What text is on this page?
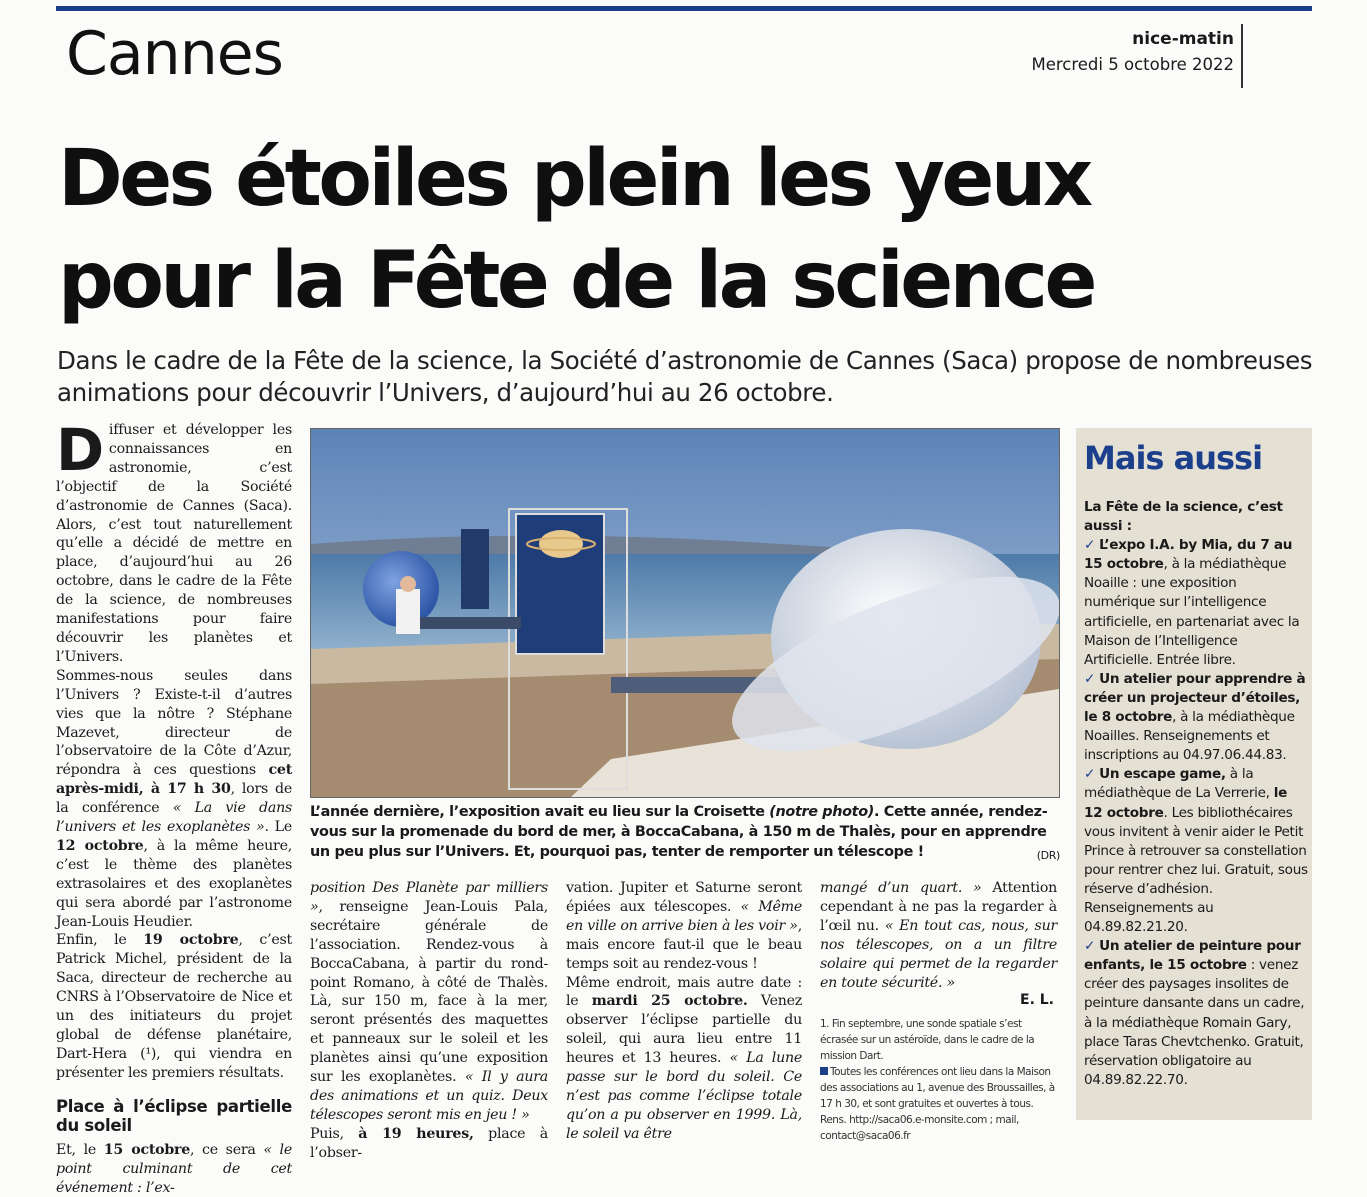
Cannes	nice-matin
Mercredi 5 octobre 2022
Des étoiles plein les yeux
pour la Fête de la science

Dans le cadre de la Fête de la science, la Société d’astronomie de Cannes (Saca) propose de nombreuses animations pour découvrir l’Univers, d’aujourd’hui au 26 octobre.

Diffuser et développer les connaissances en astronomie, c’est l’objectif de la Société d’astronomie de Cannes (Saca). Alors, c’est tout naturellement qu’elle a décidé de mettre en place, d’aujourd’hui au 26 octobre, dans le cadre de la Fête de la science, de nombreuses manifestations pour faire découvrir les planètes et l’Univers.

Sommes-nous seules dans l’Univers ? Existe-t-il d’autres vies que la nôtre ? Stéphane Mazevet, directeur de l’observatoire de la Côte d’Azur, répondra à ces questions cet après-midi, à 17 h 30, lors de la conférence « La vie dans l’univers et les exoplanètes ». Le 12 octobre, à la même heure, c’est le thème des planètes extrasolaires et des exoplanètes qui sera abordé par l’astronome Jean-Louis Heudier.

Enfin, le 19 octobre, c’est Patrick Michel, président de la Saca, directeur de recherche au CNRS à l’Observatoire de Nice et un des initiateurs du projet global de défense planétaire, Dart-Hera (¹), qui viendra en présenter les premiers résultats.

Place à l’éclipse partielle du soleil

Et, le 15 octobre, ce sera « le point culminant de cet événement : l’ex-

L’année dernière, l’exposition avait eu lieu sur la Croisette (notre photo). Cette année, rendez-vous sur la promenade du bord de mer, à BoccaCabana, à 150 m de Thalès, pour en apprendre un peu plus sur l’Univers. Et, pourquoi pas, tenter de remporter un télescope !	(DR)

position Des Planète par milliers », renseigne Jean-Louis Pala, secrétaire générale de l’association. Rendez-vous à BoccaCabana, à partir du rond-point Romano, à côté de Thalès. Là, sur 150 m, face à la mer, seront présentés des maquettes et panneaux sur le soleil et les planètes ainsi qu’une exposition sur les exoplanètes. « Il y aura des animations et un quiz. Deux télescopes seront mis en jeu ! »

Puis, à 19 heures, place à l’obser-

vation. Jupiter et Saturne seront épiées aux télescopes. « Même en ville on arrive bien à les voir », mais encore faut-il que le beau temps soit au rendez-vous !

Même endroit, mais autre date : le mardi 25 octobre. Venez observer l’éclipse partielle du soleil, qui aura lieu entre 11 heures et 13 heures. « La lune passe sur le bord du soleil. Ce n’est pas comme l’éclipse totale qu’on a pu observer en 1999. Là, le soleil va être

mangé d’un quart. » Attention cependant à ne pas la regarder à l’œil nu. « En tout cas, nous, sur nos télescopes, on a un filtre solaire qui permet de la regarder en toute sécurité. »

E. L.

1. Fin septembre, une sonde spatiale s’est écrasée sur un astéroïde, dans le cadre de la mission Dart.

Toutes les conférences ont lieu dans la Maison des associations au 1, avenue des Broussailles, à 17 h 30, et sont gratuites et ouvertes à tous. Rens. http://saca06.e-monsite.com ; mail, contact@saca06.fr

Mais aussi

La Fête de la science, c’est aussi :

✓ L’expo I.A. by Mia, du 7 au 15 octobre, à la médiathèque Noaille : une exposition numérique sur l’intelligence artificielle, en partenariat avec la Maison de l’Intelligence Artificielle. Entrée libre.

✓ Un atelier pour apprendre à créer un projecteur d’étoiles, le 8 octobre, à la médiathèque Noailles. Renseignements et inscriptions au 04.97.06.44.83.

✓ Un escape game, à la médiathèque de La Verrerie, le 12 octobre. Les bibliothécaires vous invitent à venir aider le Petit Prince à retrouver sa constellation pour rentrer chez lui. Gratuit, sous réserve d’adhésion. Renseignements au 04.89.82.21.20.

✓ Un atelier de peinture pour enfants, le 15 octobre : venez créer des paysages insolites de peinture dansante dans un cadre, à la médiathèque Romain Gary, place Taras Chevtchenko. Gratuit, réservation obligatoire au 04.89.82.22.70.
